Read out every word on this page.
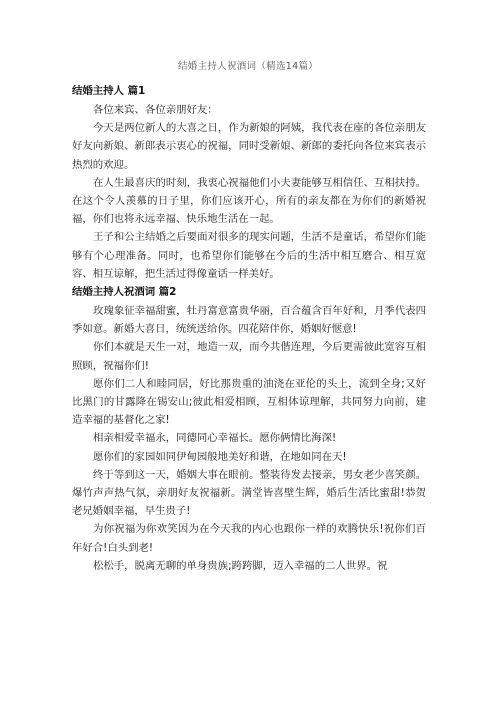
结婚主持人祝酒词（精选14篇）

结婚主持人 篇1

各位来宾、各位亲朋好友：

今天是两位新人的大喜之日，作为新娘的阿姨，我代表在座的各位亲朋友好友向新娘、新郎表示衷心的祝福，同时受新娘、新郎的委托向各位来宾表示热烈的欢迎。

在人生最喜庆的时刻，我衷心祝福他们小夫妻能够互相信任、互相扶持。在这个令人羡慕的日子里，你们应该开心，所有的亲友都在为你们的新婚祝福，你们也将永远幸福、快乐地生活在一起。

王子和公主结婚之后要面对很多的现实问题，生活不是童话，希望你们能够有个心理准备。同时，也希望你们能够在今后的生活中相互磨合、相互宽容、相互谅解，把生活过得像童话一样美好。

结婚主持人祝酒词 篇2

玫瑰象征幸福甜蜜，牡丹富意富贵华丽，百合蕴含百年好和，月季代表四季如意。新婚大喜日，统统送给你。四花陪伴你，婚姻好惬意!

你们本就是天生一对，地造一双，而今共偕连理，今后更需彼此宽容互相照顾，祝福你们!

愿你们二人和睦同居，好比那贵重的油浇在亚伦的头上，流到全身;又好比黑门的甘露降在锡安山;彼此相爱相顾，互相体谅理解，共同努力向前，建造幸福的基督化之家!

相亲相爱幸福永，同德同心幸福长。愿你俩情比海深!

愿你们的家园如同伊甸园般地美好和谐，在地如同在天!

终于等到这一天，婚姻大事在眼前。整装待发去接亲，男女老少喜笑颜。爆竹声声热气氛，亲朋好友祝福新。满堂皆喜壁生辉，婚后生活比蜜甜!恭贺老兄婚姻幸福，早生贵子!

为你祝福为你欢笑因为在今天我的内心也跟你一样的欢腾快乐!祝你们百年好合!白头到老!

松松手，脱离无聊的单身贵族;跨跨脚，迈入幸福的二人世界。祝
